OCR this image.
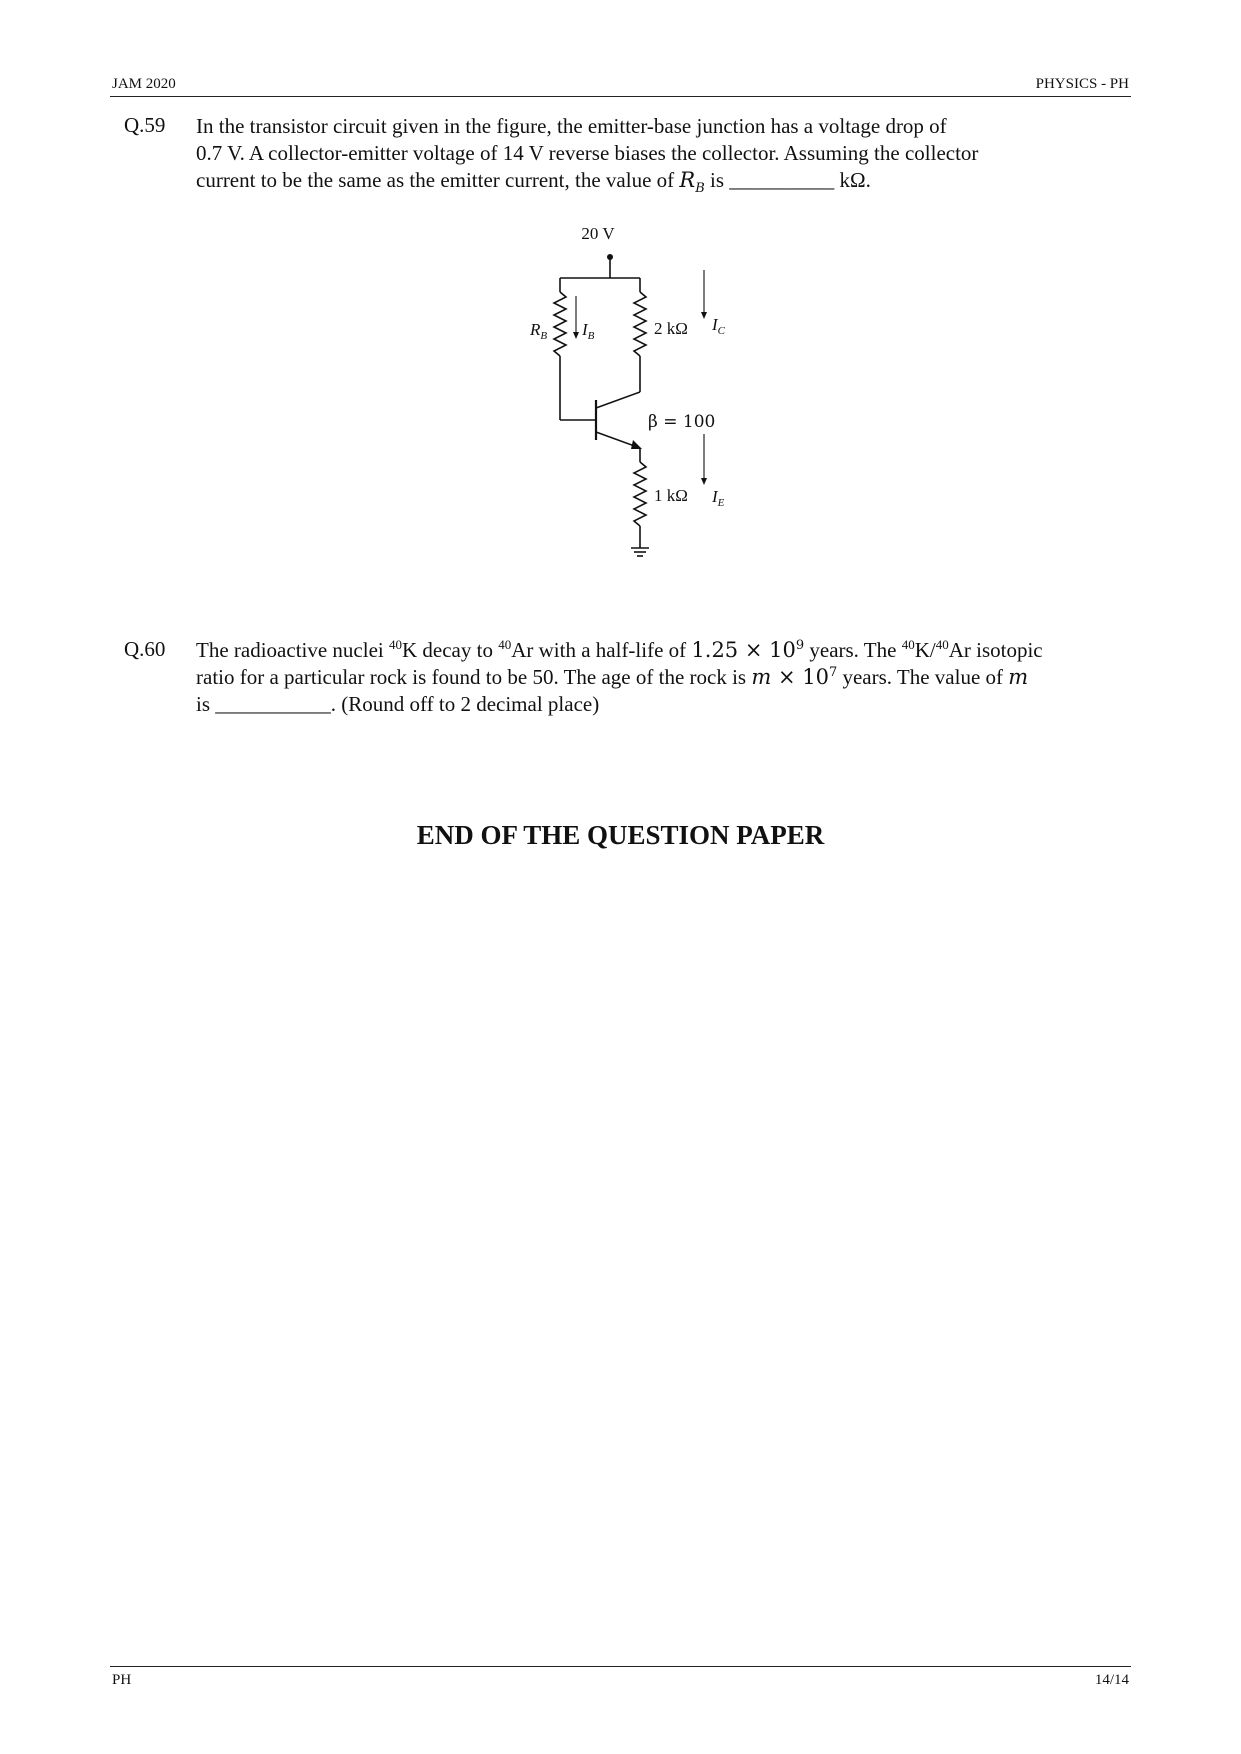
JAM 2020	PHYSICS - PH
Q.59 In the transistor circuit given in the figure, the emitter-base junction has a voltage drop of

0.7 V. A collector-emitter voltage of 14 V reverse biases the collector. Assuming the collector

current to be the same as the emitter current, the value of $R_B$ is __________ kΩ.

20 V
$R_B$ $I_B$	2 kΩ $I_C$
β = 100
1 kΩ $I_E$
Q.60 The radioactive nuclei $^{40}$K decay to $^{40}$Ar with a half-life of $1.25 \times 10^9$ years. The $^{40}$K/$^{40}$Ar isotopic

ratio for a particular rock is found to be 50. The age of the rock is $m \times 10^7$ years. The value of m

is ___________. (Round off to 2 decimal place)

END OF THE QUESTION PAPER
PH	14/14
